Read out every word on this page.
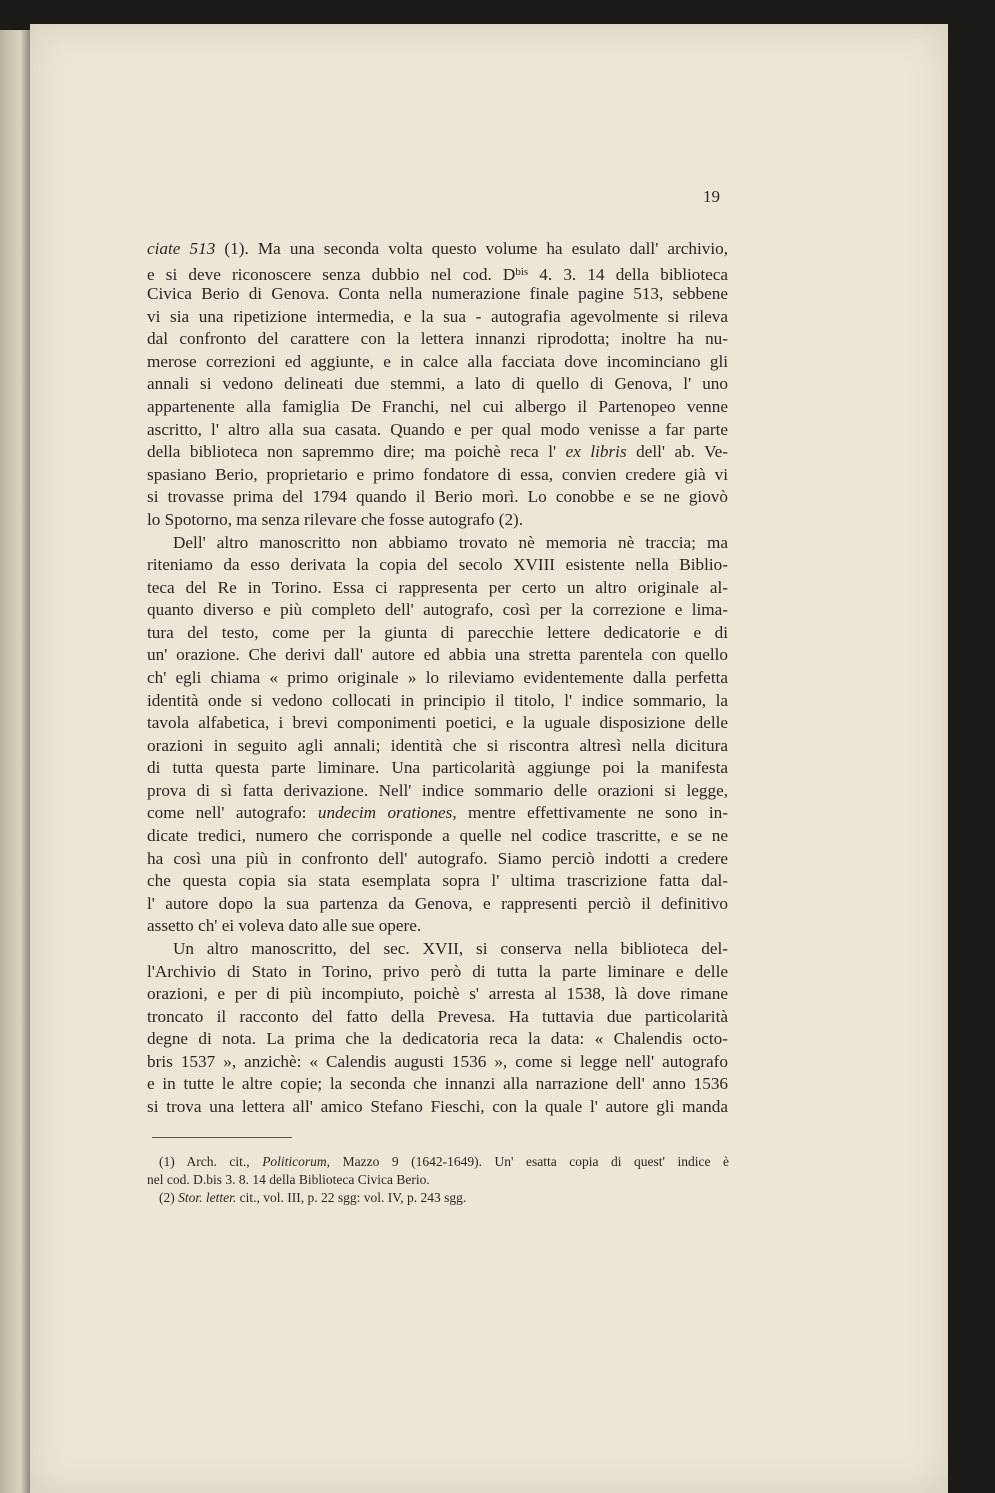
19
ciate 513 (1). Ma una seconda volta questo volume ha esulato dall' archivio,
e si deve riconoscere senza dubbio nel cod. $D^{bis}$ 4. 3. 14 della biblioteca
Civica Berio di Genova. Conta nella numerazione finale pagine 513, sebbene
vi sia una ripetizione intermedia, e la sua - autografia agevolmente si rileva
dal confronto del carattere con la lettera innanzi riprodotta; inoltre ha nu-
merose correzioni ed aggiunte, e in calce alla facciata dove incominciano gli
annali si vedono delineati due stemmi, a lato di quello di Genova, l' uno
appartenente alla famiglia De Franchi, nel cui albergo il Partenopeo venne
ascritto, l' altro alla sua casata. Quando e per qual modo venisse a far parte
della biblioteca non sapremmo dire; ma poichè reca l' ex libris dell' ab. Ve-
spasiano Berio, proprietario e primo fondatore di essa, convien credere già vi
si trovasse prima del 1794 quando il Berio morì. Lo conobbe e se ne giovò
lo Spotorno, ma senza rilevare che fosse autografo (2).
Dell' altro manoscritto non abbiamo trovato nè memoria nè traccia; ma
riteniamo da esso derivata la copia del secolo XVIII esistente nella Biblio-
teca del Re in Torino. Essa ci rappresenta per certo un altro originale al-
quanto diverso e più completo dell' autografo, così per la correzione e lima-
tura del testo, come per la giunta di parecchie lettere dedicatorie e di
un' orazione. Che derivi dall' autore ed abbia una stretta parentela con quello
ch' egli chiama « primo originale » lo rileviamo evidentemente dalla perfetta
identità onde si vedono collocati in principio il titolo, l' indice sommario, la
tavola alfabetica, i brevi componimenti poetici, e la uguale disposizione delle
orazioni in seguito agli annali; identità che si riscontra altresì nella dicitura
di tutta questa parte liminare. Una particolarità aggiunge poi la manifesta
prova di sì fatta derivazione. Nell' indice sommario delle orazioni si legge,
come nell' autografo: undecim orationes, mentre effettivamente ne sono in-
dicate tredici, numero che corrisponde a quelle nel codice trascritte, e se ne
ha così una più in confronto dell' autografo. Siamo perciò indotti a credere
che questa copia sia stata esemplata sopra l' ultima trascrizione fatta dal-
l' autore dopo la sua partenza da Genova, e rappresenti perciò il definitivo
assetto ch' ei voleva dato alle sue opere.
Un altro manoscritto, del sec. XVII, si conserva nella biblioteca del-
l'Archivio di Stato in Torino, privo però di tutta la parte liminare e delle
orazioni, e per di più incompiuto, poichè s' arresta al 1538, là dove rimane
troncato il racconto del fatto della Prevesa. Ha tuttavia due particolarità
degne di nota. La prima che la dedicatoria reca la data: « Chalendis octo-
bris 1537 », anzichè: « Calendis augusti 1536 », come si legge nell' autografo
e in tutte le altre copie; la seconda che innanzi alla narrazione dell' anno 1536
si trova una lettera all' amico Stefano Fieschi, con la quale l' autore gli manda
(1) Arch. cit., Politicorum, Mazzo 9 (1642-1649). Un' esatta copia di quest' indice è
nel cod. D.bis 3. 8. 14 della Biblioteca Civica Berio.
(2) Stor. letter. cit., vol. III, p. 22 sgg: vol. IV, p. 243 sgg.
